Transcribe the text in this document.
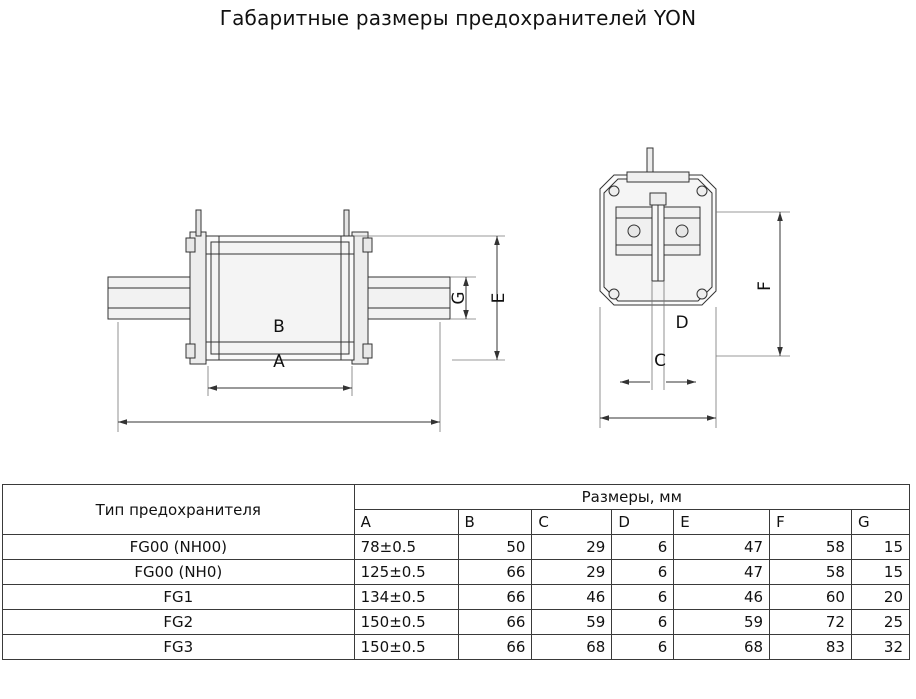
Габаритные размеры предохранителей YON
A
B
E
G
D
C
F
Тип предохранителя	Размеры, мм						
	A	B	C	D	E	F	G
FG00 (NH00)	78±0.5	50	29	6	47	58	15
FG00 (NH0)	125±0.5	66	29	6	47	58	15
FG1	134±0.5	66	46	6	46	60	20
FG2	150±0.5	66	59	6	59	72	25
FG3	150±0.5	66	68	6	68	83	32
